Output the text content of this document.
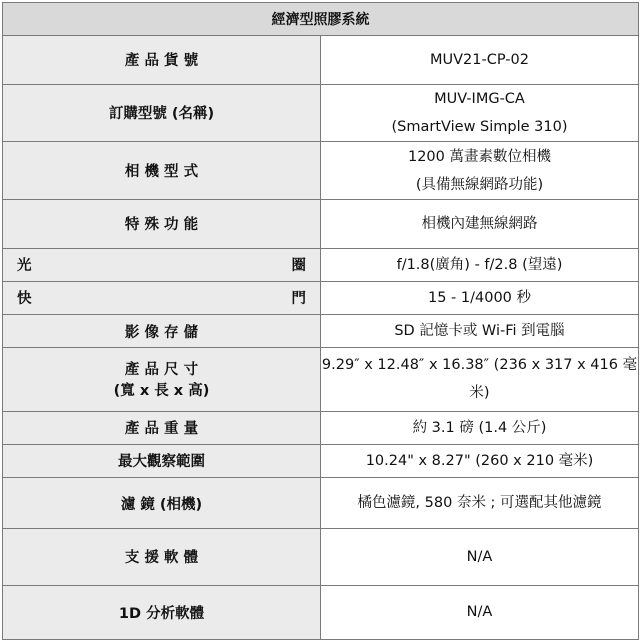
經濟型照膠系統	

產 品 貨 號	MUV21-CP-02

訂購型號 (名稱)	MUV-IMG-CA
(SmartView Simple 310)

相 機 型 式	1200 萬畫素數位相機
(具備無線網路功能)

特 殊 功 能	相機內建無線網路

光 圈	f/1.8(廣角) - f/2.8 (望遠)

快 門	15 - 1/4000 秒

影 像 存 儲	SD 記憶卡或 Wi-Fi 到電腦

產 品 尺 寸
(寬 x 長 x 高)	9.29″ x 12.48″ x 16.38″ (236 x 317 x 416 毫米)

產 品 重 量	約 3.1 磅 (1.4 公斤)

最大觀察範圍	10.24" x 8.27" (260 x 210 毫米)

濾 鏡 (相機)	橘色濾鏡, 580 奈米 ; 可選配其他濾鏡

支 援 軟 體	N/A

1D 分析軟體	N/A
